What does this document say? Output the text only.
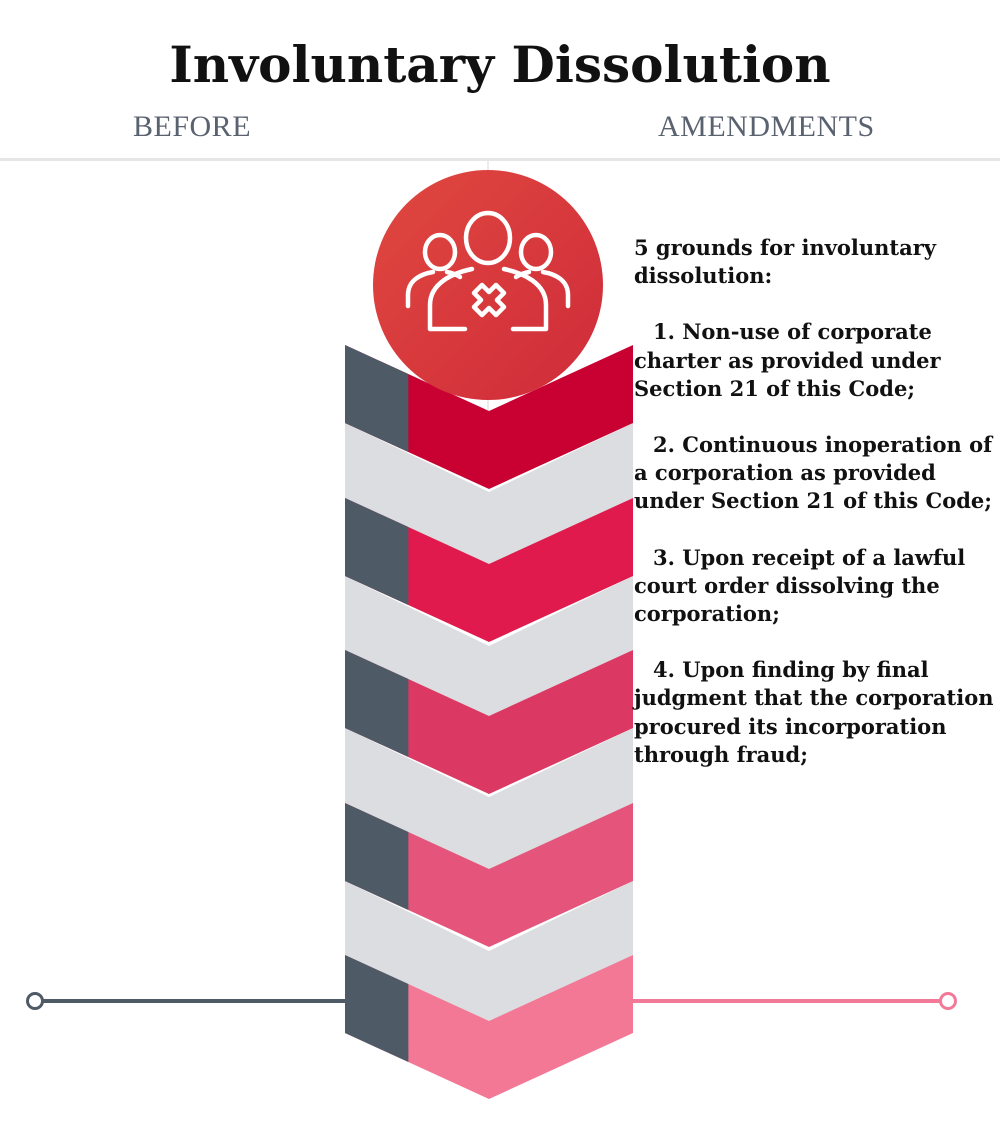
Involuntary Dissolution
BEFORE	AMENDMENTS

5 grounds for involuntary dissolution:

1. Non-use of corporate charter as provided under Section 21 of this Code;

2. Continuous inoperation of a corporation as provided under Section 21 of this Code;

3. Upon receipt of a lawful court order dissolving the corporation;

4. Upon finding by final judgment that the corporation procured its incorporation through fraud;
